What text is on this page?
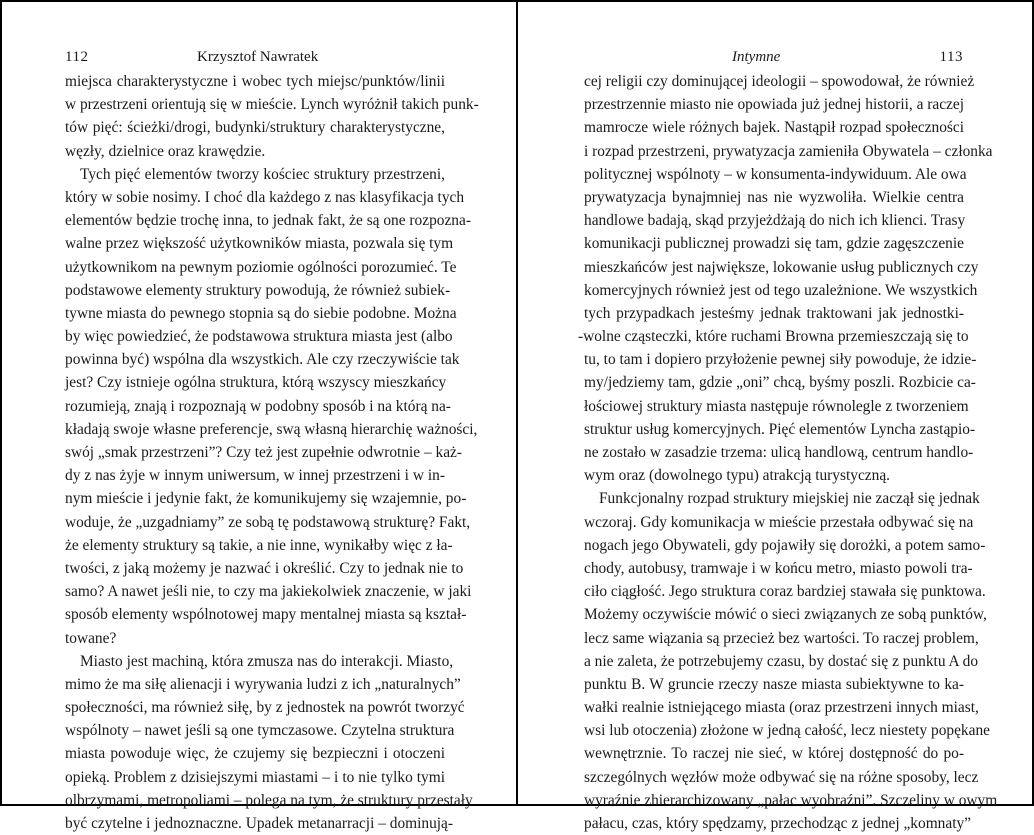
112	Krzysztof Nawratek
miejsca charakterystyczne i wobec tych miejsc/punktów/linii
w przestrzeni orientują się w mieście. Lynch wyróżnił takich punk-
tów pięć: ścieżki/drogi, budynki/struktury charakterystyczne,
węzły, dzielnice oraz krawędzie.
Tych pięć elementów tworzy kościec struktury przestrzeni,
który w sobie nosimy. I choć dla każdego z nas klasyfikacja tych
elementów będzie trochę inna, to jednak fakt, że są one rozpozna-
walne przez większość użytkowników miasta, pozwala się tym
użytkownikom na pewnym poziomie ogólności porozumieć. Te
podstawowe elementy struktury powodują, że również subiek-
tywne miasta do pewnego stopnia są do siebie podobne. Można
by więc powiedzieć, że podstawowa struktura miasta jest (albo
powinna być) wspólna dla wszystkich. Ale czy rzeczywiście tak
jest? Czy istnieje ogólna struktura, którą wszyscy mieszkańcy
rozumieją, znają i rozpoznają w podobny sposób i na którą na-
kładają swoje własne preferencje, swą własną hierarchię ważności,
swój „smak przestrzeni”? Czy też jest zupełnie odwrotnie – każ-
dy z nas żyje w innym uniwersum, w innej przestrzeni i w in-
nym mieście i jedynie fakt, że komunikujemy się wzajemnie, po-
woduje, że „uzgadniamy” ze sobą tę podstawową strukturę? Fakt,
że elementy struktury są takie, a nie inne, wynikałby więc z ła-
twości, z jaką możemy je nazwać i określić. Czy to jednak nie to
samo? A nawet jeśli nie, to czy ma jakiekolwiek znaczenie, w jaki
sposób elementy wspólnotowej mapy mentalnej miasta są kształ-
towane?
Miasto jest machiną, która zmusza nas do interakcji. Miasto,
mimo że ma siłę alienacji i wyrywania ludzi z ich „naturalnych”
społeczności, ma również siłę, by z jednostek na powrót tworzyć
wspólnoty – nawet jeśli są one tymczasowe. Czytelna struktura
miasta powoduje więc, że czujemy się bezpieczni i otoczeni
opieką. Problem z dzisiejszymi miastami – i to nie tylko tymi
olbrzymami, metropoliami – polega na tym, że struktury przestały
być czytelne i jednoznaczne. Upadek metanarracji – dominują-
Intymne	113
cej religii czy dominującej ideologii – spowodował, że również
przestrzennie miasto nie opowiada już jednej historii, a raczej
mamrocze wiele różnych bajek. Nastąpił rozpad społeczności
i rozpad przestrzeni, prywatyzacja zamieniła Obywatela – członka
politycznej wspólnoty – w konsumenta-indywiduum. Ale owa
prywatyzacja bynajmniej nas nie wyzwoliła. Wielkie centra
handlowe badają, skąd przyjeżdżają do nich ich klienci. Trasy
komunikacji publicznej prowadzi się tam, gdzie zagęszczenie
mieszkańców jest największe, lokowanie usług publicznych czy
komercyjnych również jest od tego uzależnione. We wszystkich
tych przypadkach jesteśmy jednak traktowani jak jednostki-
-wolne cząsteczki, które ruchami Browna przemieszczają się to
tu, to tam i dopiero przyłożenie pewnej siły powoduje, że idzie-
my/jedziemy tam, gdzie „oni” chcą, byśmy poszli. Rozbicie ca-
łościowej struktury miasta następuje równolegle z tworzeniem
struktur usług komercyjnych. Pięć elementów Lyncha zastąpio-
ne zostało w zasadzie trzema: ulicą handlową, centrum handlo-
wym oraz (dowolnego typu) atrakcją turystyczną.
Funkcjonalny rozpad struktury miejskiej nie zaczął się jednak
wczoraj. Gdy komunikacja w mieście przestała odbywać się na
nogach jego Obywateli, gdy pojawiły się dorożki, a potem samo-
chody, autobusy, tramwaje i w końcu metro, miasto powoli tra-
ciło ciągłość. Jego struktura coraz bardziej stawała się punktowa.
Możemy oczywiście mówić o sieci związanych ze sobą punktów,
lecz same wiązania są przecież bez wartości. To raczej problem,
a nie zaleta, że potrzebujemy czasu, by dostać się z punktu A do
punktu B. W gruncie rzeczy nasze miasta subiektywne to ka-
wałki realnie istniejącego miasta (oraz przestrzeni innych miast,
wsi lub otoczenia) złożone w jedną całość, lecz niestety popękane
wewnętrznie. To raczej nie sieć, w której dostępność do po-
szczególnych węzłów może odbywać się na różne sposoby, lecz
wyraźnie zhierarchizowany „pałac wyobraźni”. Szczeliny w owym
pałacu, czas, który spędzamy, przechodząc z jednej „komnaty”
